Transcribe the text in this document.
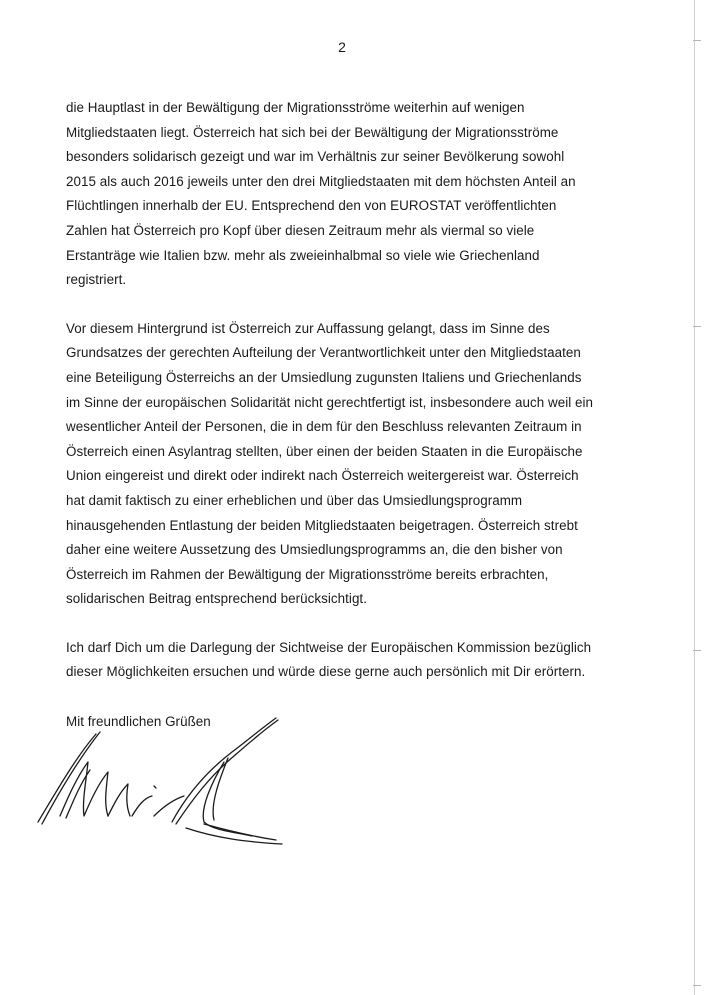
2
die Hauptlast in der Bewältigung der Migrationsströme weiterhin auf wenigen
Mitgliedstaaten liegt. Österreich hat sich bei der Bewältigung der Migrationsströme
besonders solidarisch gezeigt und war im Verhältnis zur seiner Bevölkerung sowohl
2015 als auch 2016 jeweils unter den drei Mitgliedstaaten mit dem höchsten Anteil an
Flüchtlingen innerhalb der EU. Entsprechend den von EUROSTAT veröffentlichten
Zahlen hat Österreich pro Kopf über diesen Zeitraum mehr als viermal so viele
Erstanträge wie Italien bzw. mehr als zweieinhalbmal so viele wie Griechenland
registriert.
Vor diesem Hintergrund ist Österreich zur Auffassung gelangt, dass im Sinne des
Grundsatzes der gerechten Aufteilung der Verantwortlichkeit unter den Mitgliedstaaten
eine Beteiligung Österreichs an der Umsiedlung zugunsten Italiens und Griechenlands
im Sinne der europäischen Solidarität nicht gerechtfertigt ist, insbesondere auch weil ein
wesentlicher Anteil der Personen, die in dem für den Beschluss relevanten Zeitraum in
Österreich einen Asylantrag stellten, über einen der beiden Staaten in die Europäische
Union eingereist und direkt oder indirekt nach Österreich weitergereist war. Österreich
hat damit faktisch zu einer erheblichen und über das Umsiedlungsprogramm
hinausgehenden Entlastung der beiden Mitgliedstaaten beigetragen. Österreich strebt
daher eine weitere Aussetzung des Umsiedlungsprogramms an, die den bisher von
Österreich im Rahmen der Bewältigung der Migrationsströme bereits erbrachten,
solidarischen Beitrag entsprechend berücksichtigt.
Ich darf Dich um die Darlegung der Sichtweise der Europäischen Kommission bezüglich
dieser Möglichkeiten ersuchen und würde diese gerne auch persönlich mit Dir erörtern.
Mit freundlichen Grüßen
